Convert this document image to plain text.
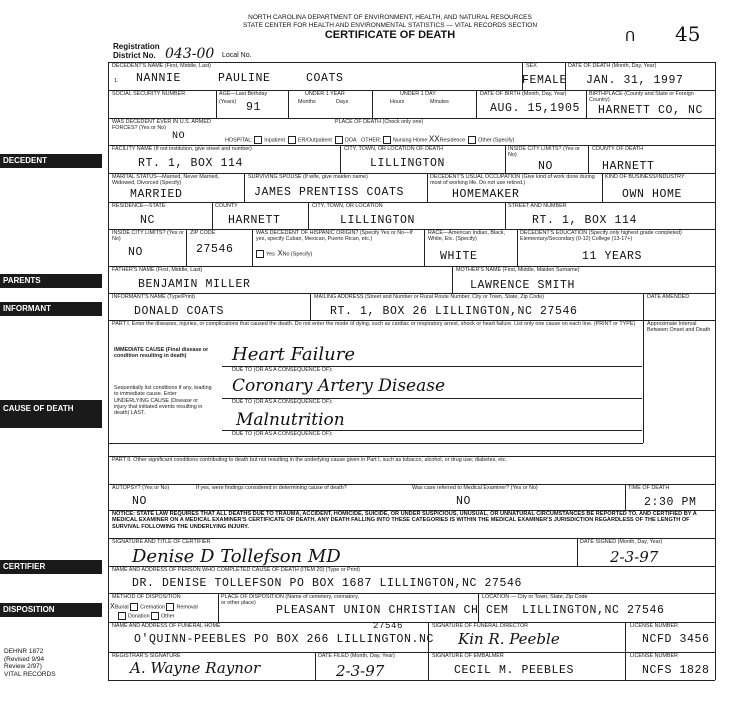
NORTH CAROLINA DEPARTMENT OF ENVIRONMENT, HEALTH, AND NATURAL RESOURCES
STATE CENTER FOR HEALTH AND ENVIRONMENTAL STATISTICS — VITAL RECORDS SECTION
CERTIFICATE OF DEATH	ᑎ 45
Registration
District No. 043-00 Local No.
DECEDENT
PARENTS
INFORMANT
CAUSE OF DEATH
CERTIFIER
DISPOSITION
DECEDENT'S NAME (First, Middle, Last)
1. NANNIE	PAULINE	COATS
SEX
FEMALE
DATE OF DEATH (Month, Day, Year)
JAN. 31, 1997
SOCIAL SECURITY NUMBER	AGE—Last Birthday
(Years) 91
UNDER 1 YEAR
Months	Days
UNDER 1 DAY
Hours	Minutes
DATE OF BIRTH (Month, Day, Year)
AUG. 15,1905
BIRTHPLACE (County and State or Foreign Country)
HARNETT CO, NC
WAS DECEDENT EVER IN U.S. ARMED FORCES? (Yes or No)
NO
PLACE OF DEATH (Check only one)
HOSPITAL: Inpatient ER/Outpatient DOA OTHER: Nursing Home XXResidence Other (Specify)
FACILITY NAME (If not institution, give street and number)
RT. 1, BOX 114
CITY, TOWN, OR LOCATION OF DEATH
LILLINGTON
INSIDE CITY LIMITS? (Yes or No)
NO
COUNTY OF DEATH
HARNETT
MARITAL STATUS—Married, Never Married, Widowed, Divorced (Specify)
MARRIED
SURVIVING SPOUSE (If wife, give maiden name)
JAMES PRENTISS COATS
DECEDENT'S USUAL OCCUPATION (Give kind of work done during most of working life. Do not use retired.)
HOMEMAKER
KIND OF BUSINESS/INDUSTRY
OWN HOME
RESIDENCE—STATE
NC
COUNTY
HARNETT
CITY, TOWN, OR LOCATION
LILLINGTON
STREET AND NUMBER
RT. 1, BOX 114
INSIDE CITY LIMITS? (Yes or No)
NO
ZIP CODE
27546
WAS DECEDENT OF HISPANIC ORIGIN? (Specify Yes or No—If yes, specify Cuban, Mexican, Puerto Rican, etc.)
Yes XNo (Specify)
RACE—American Indian, Black, White, Etc. (Specify)
WHITE
DECEDENT'S EDUCATION (Specify only highest grade completed) Elementary/Secondary (0-12) College (13-17+)
11 YEARS
FATHER'S NAME (First, Middle, Last)
BENJAMIN MILLER
MOTHER'S NAME (First, Middle, Maiden Surname)
LAWRENCE SMITH
INFORMANT'S NAME (Type/Print)
DONALD COATS
MAILING ADDRESS (Street and Number or Rural Route Number, City or Town, State, Zip Code)
RT. 1, BOX 26 LILLINGTON,NC 27546
DATE AMENDED
PART I. Enter the diseases, injuries, or complications that caused the death. Do not enter the mode of dying, such as cardiac or respiratory arrest, shock or heart failure. List only one cause on each line. (PRINT or TYPE)	Approximate Interval Between Onset and Death
IMMEDIATE CAUSE (Final disease or condition resulting in death)	Heart Failure
DUE TO (OR AS A CONSEQUENCE OF):
Sequentially list conditions if any, leading to immediate cause. Enter UNDERLYING CAUSE (Disease or injury that initiated events resulting in death) LAST.
Coronary Artery Disease
DUE TO (OR AS A CONSEQUENCE OF):
Malnutrition
DUE TO (OR AS A CONSEQUENCE OF):
PART II. Other significant conditions contributing to death but not resulting in the underlying cause given in Part I, such as tobacco, alcohol, or drug use; diabetes, etc.
AUTOPSY? (Yes or No)
NO
If yes, were findings considered in determining cause of death?	Was case referred to Medical Examiner? (Yes or No)
NO
TIME OF DEATH
2:30 PM
NOTICE: STATE LAW REQUIRES THAT ALL DEATHS DUE TO TRAUMA, ACCIDENT, HOMICIDE, SUICIDE, OR UNDER SUSPICIOUS, UNUSUAL, OR UNNATURAL CIRCUMSTANCES BE REPORTED TO, AND CERTIFIED BY A MEDICAL EXAMINER ON A MEDICAL EXAMINER'S CERTIFICATE OF DEATH. ANY DEATH FALLING INTO THESE CATEGORIES IS WITHIN THE MEDICAL EXAMINER'S JURISDICTION REGARDLESS OF THE LENGTH OF SURVIVAL FOLLOWING THE UNDERLYING INJURY.
SIGNATURE AND TITLE OF CERTIFIER
Denise D Tollefson MD
DATE SIGNED (Month, Day, Year)
2-3-97
NAME AND ADDRESS OF PERSON WHO COMPLETED CAUSE OF DEATH (ITEM 20) (Type or Print)
DR. DENISE TOLLEFSON PO BOX 1687 LILLINGTON,NC 27546
METHOD OF DISPOSITION
XBurial Cremation Removal
Donation Other
PLACE OF DISPOSITION (Name of cemetery, crematory, or other place)
PLEASANT UNION CHRISTIAN CH CEM
LOCATION — City or Town, State, Zip Code
LILLINGTON,NC 27546
NAME AND ADDRESS OF FUNERAL HOME	27546
O'QUINN-PEEBLES PO BOX 266 LILLINGTON.NC
SIGNATURE OF FUNERAL DIRECTOR
Kin R. Peeble
LICENSE NUMBER
NCFD 3456
REGISTRAR'S SIGNATURE
A. Wayne Raynor
DATE FILED (Month, Day, Year)
2-3-97
SIGNATURE OF EMBALMER
CECIL M. PEEBLES
LICENSE NUMBER
NCFS 1828
DEHNR 1872
(Revised 9/94
Review 2/97)
VITAL RECORDS
